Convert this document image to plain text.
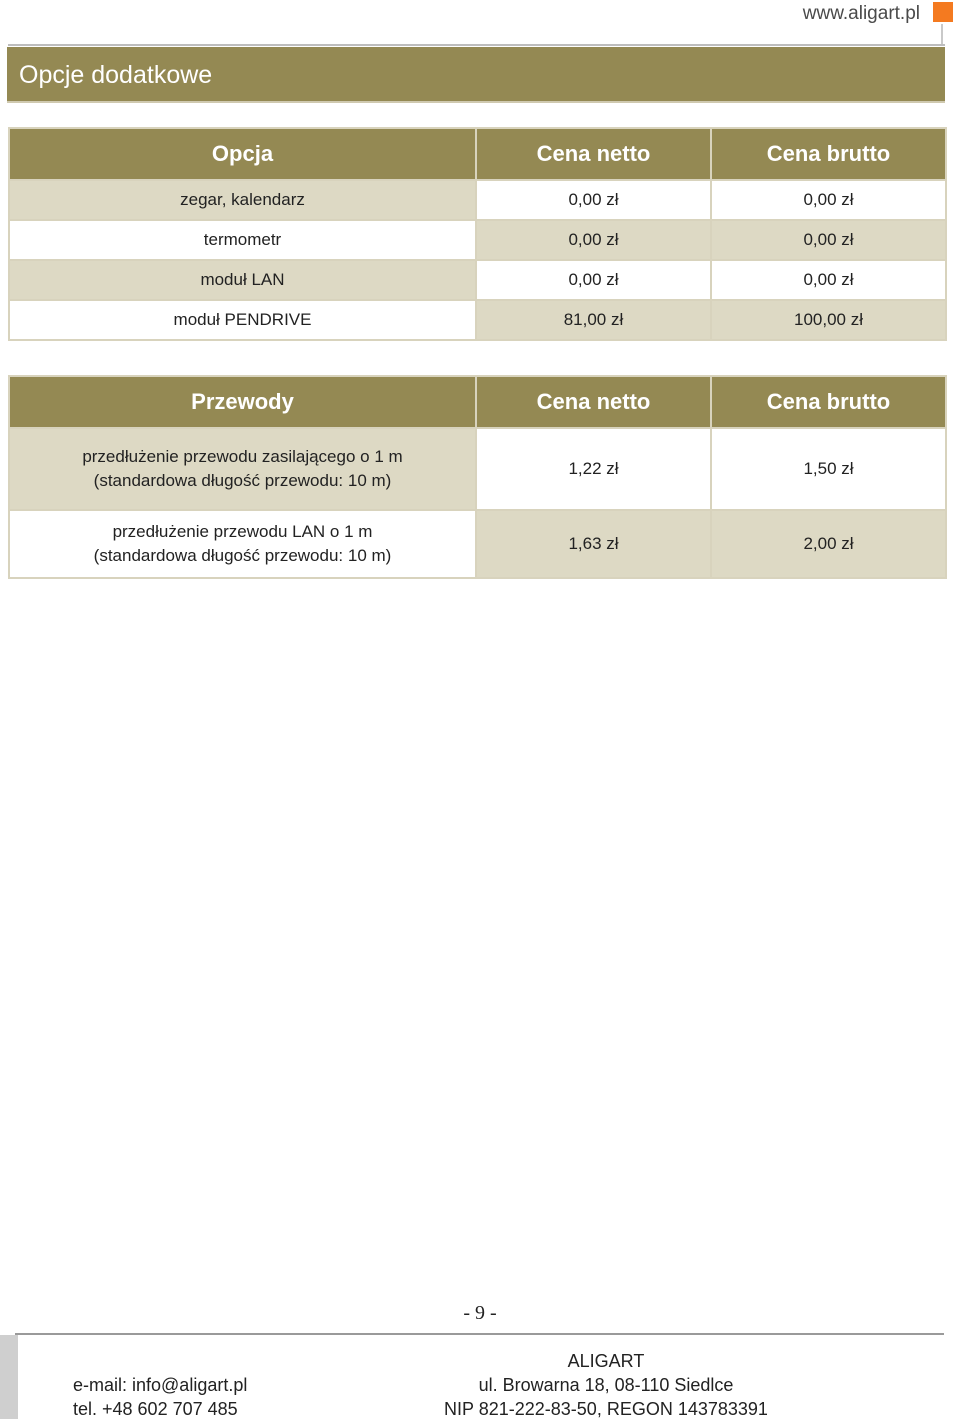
www.aligart.pl
Opcje dodatkowe
Opcja	Cena netto	Cena brutto
zegar, kalendarz	0,00 zł	0,00 zł
termometr	0,00 zł	0,00 zł
moduł LAN	0,00 zł	0,00 zł
moduł PENDRIVE	81,00 zł	100,00 zł
Przewody	Cena netto	Cena brutto

przedłużenie przewodu zasilającego o 1 m
(standardowa długość przewodu: 10 m)	1,22 zł	1,50 zł

przedłużenie przewodu LAN o 1 m
(standardowa długość przewodu: 10 m)	1,63 zł	2,00 zł
- 9 -
e-mail: info@aligart.pl
tel. +48 602 707 485
ALIGART
ul. Browarna 18, 08-110 Siedlce
NIP 821-222-83-50, REGON 143783391
